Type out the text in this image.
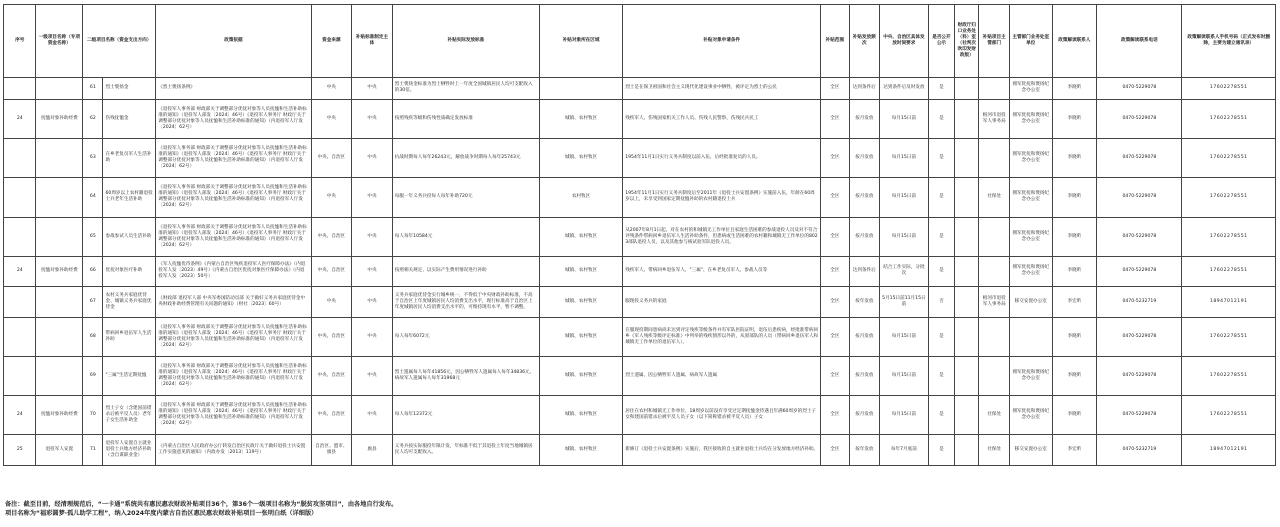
序号	一级项目名称（专项资金名称）	二级项目名称（资金支出方向）		政策依据	资金来源	补贴标准制定主体	补贴实际发放标准	补贴对象所在区域	补贴对象申请条件	补贴范围	补贴发放频次	中央、自治区具体发放时间要求	是否公开公示	财政厅归口业务处（科）室（社判次吹印发财政版）	补贴项目主管部门	主管部门业务处室单位	政策解读联系人	政策解读联系电话	政策解读联系人手机号码（正式发布时删除，主要为建立通讯录）
		61	烈士褒扬金	《烈士褒扬条例》	中央	中央	烈士褒扬金标准为烈士牺牲时上一年度全国城镇居民人均可支配收入的30倍。		烈士是在保卫祖国和社会主义现代化建设事业中牺牲，被评定为烈士的公民	全区	达到条件后	达到条件后及时发放	是			拥军优抚和褒扬纪念办公室	李晓昕	0470-5229078	17602278551
24	抚恤对象补助经费	62	伤残抚恤金	《退役军人事务部 财政部关于调整部分优抚对象等人员抚恤和生活补助标准的通知》（退役军人部发〔2024〕46号）《退役军人事务厅 财政厅关于调整部分优抚对象等人员抚恤和生活补助标准的通知》（内退役军人厅发〔2024〕62号）	中央	中央	按照残疾等级和伤残性质确定发放标准	城镇、农村牧区	残疾军人、伤残国家机关工作人员、伤残人民警察、伤残民兵民工	全区	按月发放	每月15日前	是		根河市退役军人事务局	拥军优抚和褒扬纪念办公室	李晓昕	0470-5229078	17602278551
		63	在乡老复员军人生活补助	《退役军人事务部 财政部关于调整部分优抚对象等人员抚恤和生活补助标准的通知》（退役军人部发〔2024〕46号）《退役军人事务厅 财政厅关于调整部分优抚对象等人员抚恤和生活补助标准的通知》（内退役军人厅发〔2024〕62号）	中央、自治区	中央	抗战时期每人每年26243元，解放战争时期每人每年25743元	城镇、农村牧区	1954年11月1日实行义务兵制度以前入伍，后经批准复员的人员。	全区	按月发放	每月15日前	是			拥军优抚和褒扬纪念办公室	李晓昕	0470-5229078	17602278551
		64	60周岁以上农村籍退役士兵老年生活补助	《退役军人事务部 财政部关于调整部分优抚对象等人员抚恤和生活补助标准的通知》（退役军人部发〔2024〕46号）《退役军人事务厅 财政厅关于调整部分优抚对象等人员抚恤和生活补助标准的通知》（内退役军人厅发〔2024〕62号）	中央	中央	每服一年义务兵役每人每年补助720元	农村牧区	1954年11月1日实行义务兵制度后至2011年《退役士兵安置条例》实施前入伍，年龄在60周岁以上，未享受到国家定期抚恤补助的农村籍退役士兵	全区	按月发放	每月15日前	是		社保处	拥军优抚和褒扬纪念办公室	李晓昕	0470-5229078	17602278551
		65	参战参试人员生活补助	《退役军人事务部 财政部关于调整部分优抚对象等人员抚恤和生活补助标准的通知》（退役军人部发〔2024〕46号）《退役军人事务厅 财政厅关于调整部分优抚对象等人员抚恤和生活补助标准的通知》（内退役军人厅发〔2024〕62号）	中央、自治区	中央	每人每年10584元	城镇、农村牧区	从2007年8月1日起，对在农村的和城镇无工作单位且家庭生活困难的参战退役人员及对不符合评残条件带病回乡退伍军人生活补助条件，但患病或生活困难的农村籍和城镇无工作单位的8023部队退役人员，以及其他参与核试验军队退役人员。	全区	按月发放	每月15日前	是			拥军优抚和褒扬纪念办公室	李晓昕	0470-5229078	17602278551
24	抚恤对象补助经费	66	优抚对象医疗补助	《军人抚恤优待条例》《内蒙古自治区残疾退役军人医疗保障办法》（内退役军人发〔2023〕49号）《内蒙古自治区优抚对象医疗保障办法》（内退役军人发〔2023〕50号）	中央、自治区	中央	按照相关规定，以实际产生费用情况进行补助	城镇、农村牧区	残疾军人、带病回乡退伍军人、"三属"、在乡老复员军人、参战人员等	全区	达到条件后	结合工作实际，分批次	是			拥军优抚和褒扬纪念办公室	李晓昕	0470-5229078	17602278551
		67	农村义务兵家庭优待金、城镇义务兵家庭优待金	《财政部 退役军人部 中央军委国防动员部 关于做好义务兵家庭优待金中央财政补助经费管理有关问题的通知》（财社〔2023〕60号）	中央	中央	义务兵家庭优待金实行城乡统一，不得低于中央财政补助标准，不高于自治区上年度城镇居民人均消费支出水平，现行标准高于自治区上年度城镇居民人均消费支出水平的，可维持现有水平，暂不调整。	城镇、农村牧区	服现役义务兵的家庭	全区	按年发放	5月15日前11月15日前	否		根河市退役军人事务局	移交安置办公室	李宏昕	0470-5232719	18947012191
		68	带病回乡退伍军人生活补助	《退役军人事务部 财政部关于调整部分优抚对象等人员抚恤和生活补助标准的通知》（退役军人部发〔2024〕46号）《退役军人事务厅 财政厅关于调整部分优抚对象等人员抚恤和生活补助标准的通知》（内退役军人厅发〔2024〕62号）	中央、自治区	中央	每人每年6072元	城镇、农村牧区	在服现役期间患病尚未达到评定残疾等级条件并有军队医院证明，退伍后患疾病，经批准带病回乡《军人残疾等级评定标准》中列举的残疾情形以外的，从原部队的人员（带病回乡退伍军人和城镇无工作单位的退伍军人）。	全区	按月发放	每月15日前	是				李晓昕	0470-5229078	17602278551
		69	"三属"生活定期抚恤	《退役军人事务部 财政部关于调整部分优抚对象等人员抚恤和生活补助标准的通知》（退役军人部发〔2024〕46号）《退役军人事务厅 财政厅关于调整部分优抚对象等人员抚恤和生活补助标准的通知》（内退役军人厅发〔2024〕62号）	中央、自治区	中央	烈士遗属每人每年41856元，因公牺牲军人遗属每人每年34836元，病故军人遗属每人每年31968元	城镇、农村牧区	烈士遗属、因公牺牲军人遗属、病故军人遗属	全区	按月发放	每月15日前	是			拥军优抚和褒扬纪念办公室	李晓昕	0470-5229078	17602278551
24	抚恤对象补助经费	70	烈士子女（含建国前错杀后被平反人员）老年子女生活补助金	《退役军人事务部 财政部关于调整部分优抚对象等人员抚恤和生活补助标准的通知》（退役军人部发〔2024〕46号）《退役军人事务厅 财政厅关于调整部分优抚对象等人员抚恤和生活补助标准的通知》（内退役军人厅发〔2024〕62号）	中央、自治区	中央	每人每年12372元	城镇、农村牧区	居住在农村和城镇无工作单位、18周岁以前没有享受过定期抚恤金待遇且年满60周岁的烈士子女和建国前错杀后被平反人员子女（以下简称错杀被平反人员）子女	全区	按月发放	每月15日前	是		社保处	拥军优抚和褒扬纪念办公室	李晓昕	0470-5229078	17602278551
25	退役军人安置	71	退役军人安置自主就业退役士兵地方经济补助（含自谋职业金）	《内蒙古自治区人民政府办公厅转发自治区民政厅关于做好退役士兵安置工作实施意见的通知》（内政办发〔2013〕119号）	自治区、盟市、旗县	旗县	义务兵按实际服役年限计发，年标准不低于其退役上年度当地城镇居民人均可支配收入。	城镇、农村牧区	新修订《退役士兵安置条例》实施后，我区接收的自主就业退役士兵均在分发放地方经济补助。	全区	按年发放	每年7月底前	是		社保处	移交安置办公室	李宏昕	0470-5232719	18947012191
备注：截至目前，经清理规范后，“一卡通”系统共有惠民惠农财政补贴项目36个，第36个一级项目名称为“脱贫攻坚项目”，由各地自行发布。
项目名称为“福彩圆梦·孤儿助学工程”，纳入2024年度内蒙古自治区惠民惠农财政补贴项目一张明白纸（详细版）
